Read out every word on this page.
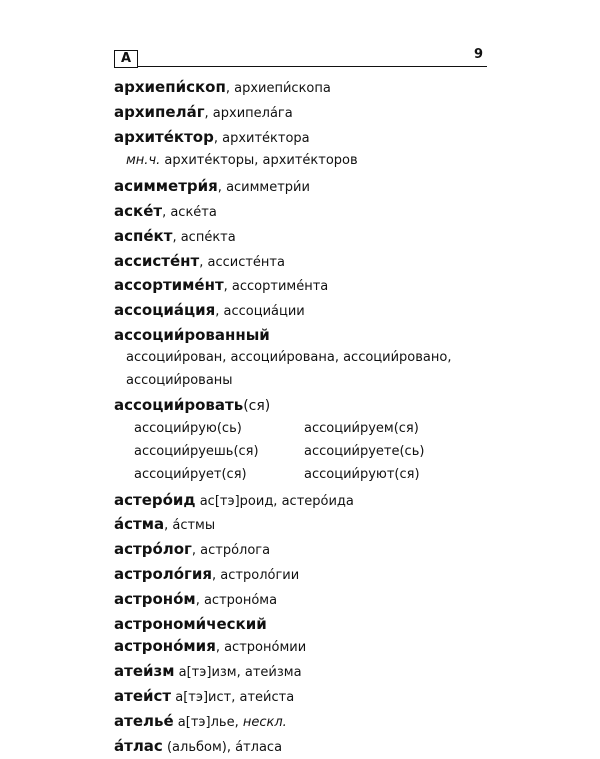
А	9
архиепи́скоп, архиепи́скопа
архипела́г, архипела́га
архите́ктор, архите́ктора
мн.ч. архите́кторы, архите́кторов
асимметри́я, асимметри́и
аске́т, аске́та
аспе́кт, аспе́кта
ассисте́нт, ассисте́нта
ассортиме́нт, ассортиме́нта
ассоциа́ция, ассоциа́ции
ассоции́рованный
ассоции́рован, ассоции́рована, ассоции́ровано,
ассоции́рованы
ассоции́ровать(ся)
ассоции́рую(сь)
ассоции́руешь(ся)
ассоции́рует(ся)
ассоции́руем(ся)
ассоции́руете(сь)
ассоции́руют(ся)
астеро́ид ас[тэ]роид, астеро́ида
а́стма, а́стмы
астро́лог, астро́лога
астроло́гия, астроло́гии
астроно́м, астроно́ма
астрономи́ческий
астроно́мия, астроно́мии
атеи́зм а[тэ]изм, атеи́зма
атеи́ст а[тэ]ист, атеи́ста
ателье́ а[тэ]лье, нескл.
а́тлас (альбом), а́тласа
